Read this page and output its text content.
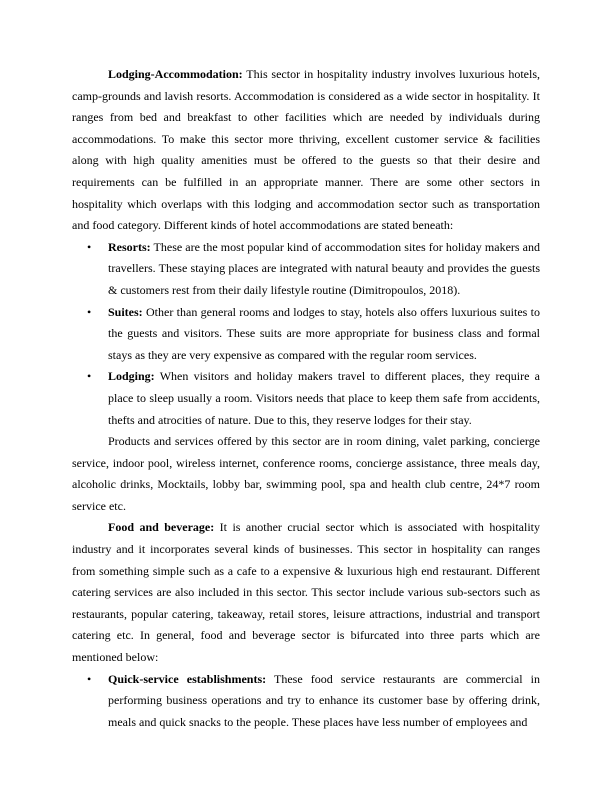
Lodging-Accommodation: This sector in hospitality industry involves luxurious hotels, camp-grounds and lavish resorts. Accommodation is considered as a wide sector in hospitality. It ranges from bed and breakfast to other facilities which are needed by individuals during accommodations. To make this sector more thriving, excellent customer service & facilities along with high quality amenities must be offered to the guests so that their desire and requirements can be fulfilled in an appropriate manner. There are some other sectors in hospitality which overlaps with this lodging and accommodation sector such as transportation and food category. Different kinds of hotel accommodations are stated beneath:

• Resorts: These are the most popular kind of accommodation sites for holiday makers and travellers. These staying places are integrated with natural beauty and provides the guests & customers rest from their daily lifestyle routine (Dimitropoulos, 2018).
• Suites: Other than general rooms and lodges to stay, hotels also offers luxurious suites to the guests and visitors. These suits are more appropriate for business class and formal stays as they are very expensive as compared with the regular room services.
• Lodging: When visitors and holiday makers travel to different places, they require a place to sleep usually a room. Visitors needs that place to keep them safe from accidents, thefts and atrocities of nature. Due to this, they reserve lodges for their stay.

Products and services offered by this sector are in room dining, valet parking, concierge service, indoor pool, wireless internet, conference rooms, concierge assistance, three meals day, alcoholic drinks, Mocktails, lobby bar, swimming pool, spa and health club centre, 24*7 room service etc.

Food and beverage: It is another crucial sector which is associated with hospitality industry and it incorporates several kinds of businesses. This sector in hospitality can ranges from something simple such as a cafe to a expensive & luxurious high end restaurant. Different catering services are also included in this sector. This sector include various sub-sectors such as restaurants, popular catering, takeaway, retail stores, leisure attractions, industrial and transport catering etc. In general, food and beverage sector is bifurcated into three parts which are mentioned below:

• Quick-service establishments: These food service restaurants are commercial in performing business operations and try to enhance its customer base by offering drink, meals and quick snacks to the people. These places have less number of employees and
